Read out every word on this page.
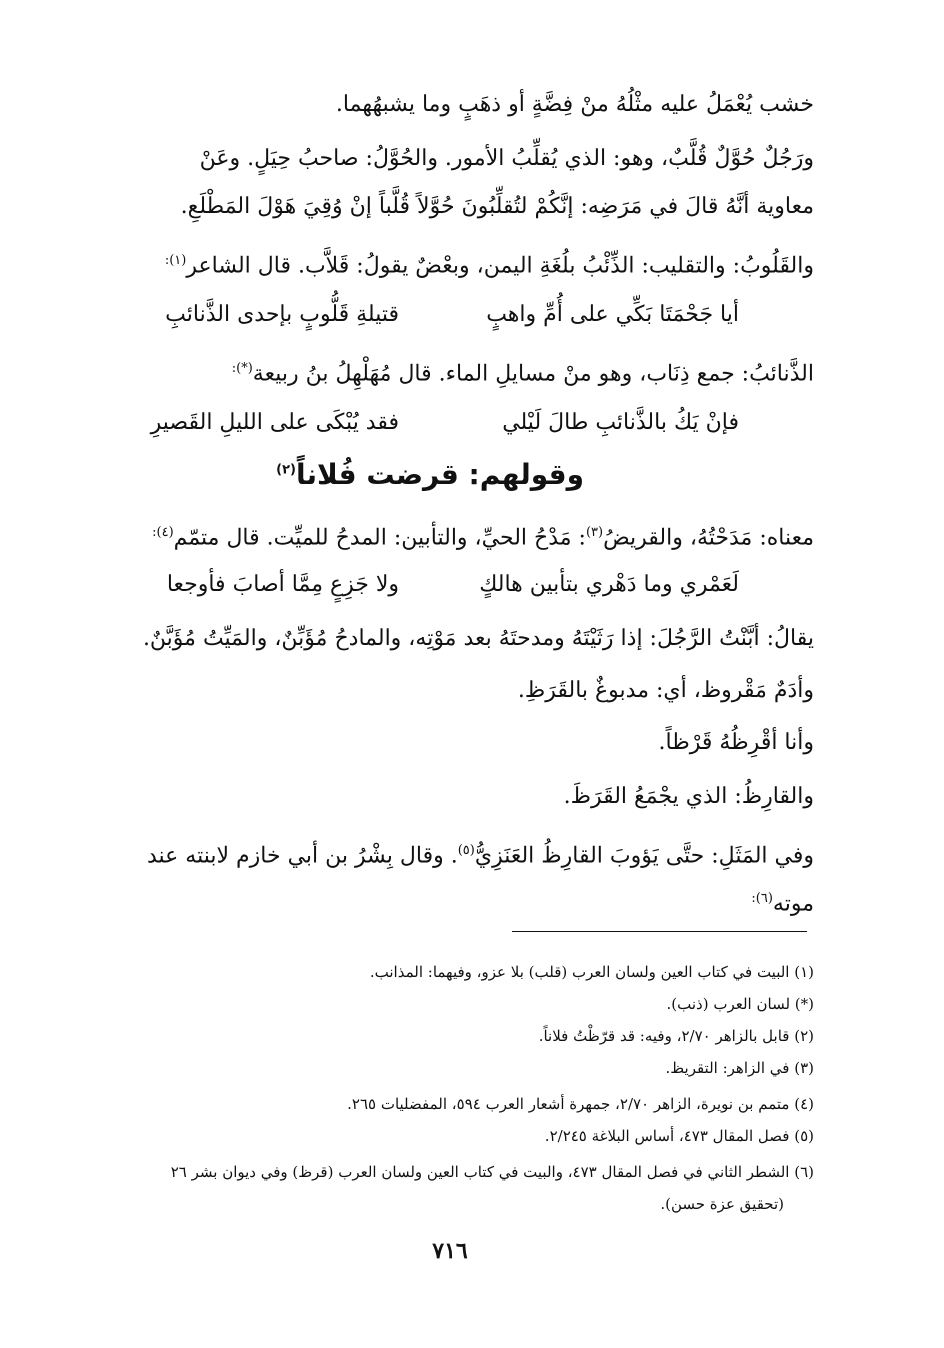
خشب يُعْمَلُ عليه مثْلُهُ منْ فِضَّةٍ أو ذهَبٍ وما يشبهُهما.
ورَجُلٌ حُوَّلٌ قُلَّبٌ، وهو: الذي يُقلِّبُ الأمور. والحُوَّلُ: صاحبُ حِيَلٍ. وعَنْ
معاوية أنَّهُ قالَ في مَرَضِه: إنَّكُمْ لتُقلِّبُونَ حُوَّلاً قُلَّباً إنْ وُقِيَ هَوْلَ المَطْلَعِ.
والقَلُوبُ: والتقليب: الذِّئْبُ بلُغَةِ اليمن، وبعْضٌ يقولُ: قَلاَّب. قال الشاعر$^{(١):}$
أيا جَحْمَتَا بَكِّي على أُمِّ واهبٍ
قتيلةِ قَلُّوبٍ بإحدى الذَّنائبِ
الذَّنائبُ: جمع ذِنَاب، وهو منْ مسايلِ الماء. قال مُهَلْهِلُ بنُ ربيعة(*):
فإنْ يَكُ بالذَّنائبِ طالَ لَيْلي
فقد يُبْكَى على الليلِ القَصيرِ
وقولهم: قرضت فُلاناً$^{(٢)}$
معناه: مَدَحْتُهُ، والقريضُ$^{(٣)}$: مَدْحُ الحيِّ، والتأبين: المدحُ للميِّت. قال متمّم$^{(٤):}$
لَعَمْري وما دَهْري بتأبين هالكٍ
ولا جَزِعٍ مِمَّا أصابَ فأوجعا
يقالُ: أبَّنْتُ الرَّجُلَ: إذا رَثَيْتَهُ ومدحتَهُ بعد مَوْتِه، والمادحُ مُؤَبِّنٌ، والمَيِّتُ مُؤَبَّنٌ.
وأدَمٌ مَقْروظ، أي: مدبوغٌ بالقَرَظِ.
وأنا أقْرِظُهُ قَرْظاً.
والقارِظُ: الذي يجْمَعُ القَرَظَ.
وفي المَثَلِ: حتَّى يَؤوبَ القارِظُ العَنَزِيُّ$^{(٥)}$. وقال بِشْرُ بن أبي خازم لابنته عند
موته$^{(٦):}$
(١) البيت في كتاب العين ولسان العرب (قلب) بلا عزو، وفيهما: المذانب.
(*) لسان العرب (ذنب).
(٢) قابل بالزاهر ٢/٧٠، وفيه: قد قرّظْتُ فلاناً.
(٣) في الزاهر: التقريظ.
(٤) متمم بن نويرة، الزاهر ٢/٧٠، جمهرة أشعار العرب ٥٩٤، المفضليات ٢٦٥.
(٥) فصل المقال ٤٧٣، أساس البلاغة ٢/٢٤٥.
(٦) الشطر الثاني في فصل المقال ٤٧٣، والبيت في كتاب العين ولسان العرب (قرظ) وفي ديوان بشر ٢٦
(تحقيق عزة حسن).
٧١٦
